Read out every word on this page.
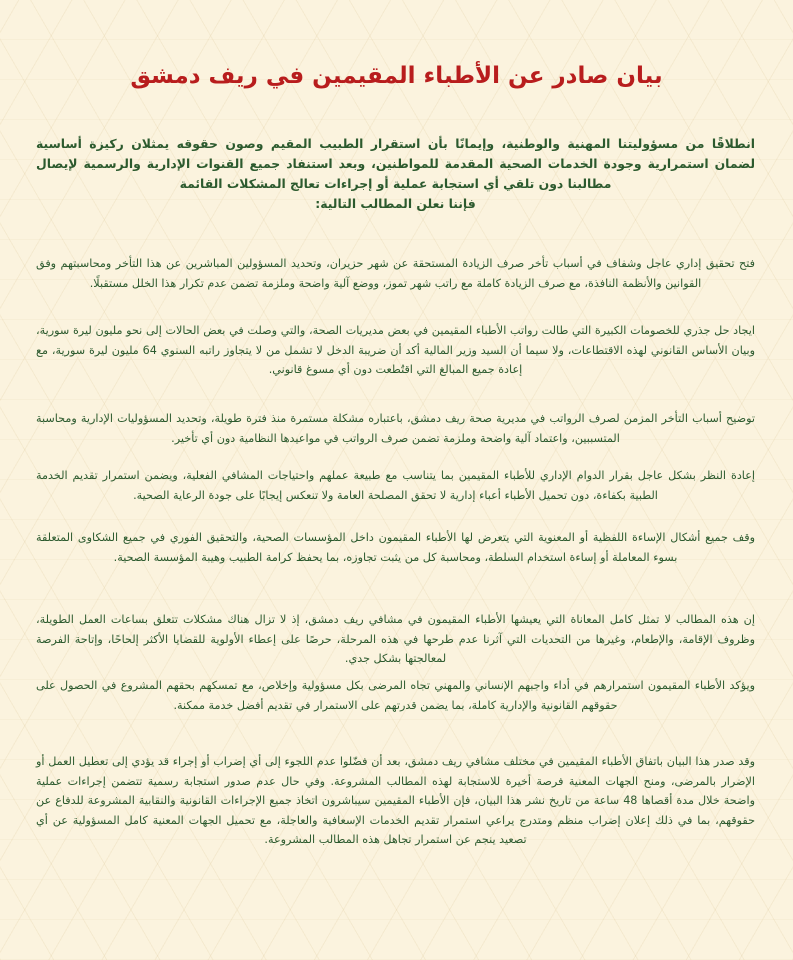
بيان صادر عن الأطباء المقيمين في ريف دمشق
انطلاقًا من مسؤوليتنا المهنية والوطنية، وإيمانًا بأن استقرار الطبيب المقيم وصون حقوقه يمثلان ركيزة أساسية لضمان استمرارية وجودة الخدمات الصحية المقدمة للمواطنين، وبعد استنفاد جميع القنوات الإدارية والرسمية لإيصال مطالبنا دون تلقي أي استجابة عملية أو إجراءات تعالج المشكلات القائمة
فإننا نعلن المطالب التالية:

فتح تحقيق إداري عاجل وشفاف في أسباب تأخر صرف الزيادة المستحقة عن شهر حزيران، وتحديد المسؤولين المباشرين عن هذا التأخر ومحاسبتهم وفق القوانين والأنظمة النافذة، مع صرف الزيادة كاملة مع راتب شهر تموز، ووضع آلية واضحة وملزمة تضمن عدم تكرار هذا الخلل مستقبلًا.

ايجاد حل جذري للخصومات الكبيرة التي طالت رواتب الأطباء المقيمين في بعض مديريات الصحة، والتي وصلت في بعض الحالات إلى نحو مليون ليرة سورية، وبيان الأساس القانوني لهذه الاقتطاعات، ولا سيما أن السيد وزير المالية أكد أن ضريبة الدخل لا تشمل من لا يتجاوز راتبه السنوي 64 مليون ليرة سورية، مع إعادة جميع المبالغ التي اقتُطعت دون أي مسوغ قانوني.

توضيح أسباب التأخر المزمن لصرف الرواتب في مديرية صحة ريف دمشق، باعتباره مشكلة مستمرة منذ فترة طويلة، وتحديد المسؤوليات الإدارية ومحاسبة المتسببين، واعتماد آلية واضحة وملزمة تضمن صرف الرواتب في مواعيدها النظامية دون أي تأخير.

إعادة النظر بشكل عاجل بقرار الدوام الإداري للأطباء المقيمين بما يتناسب مع طبيعة عملهم واحتياجات المشافي الفعلية، ويضمن استمرار تقديم الخدمة الطبية بكفاءة، دون تحميل الأطباء أعباء إدارية لا تحقق المصلحة العامة ولا تنعكس إيجابًا على جودة الرعاية الصحية.

وقف جميع أشكال الإساءة اللفظية أو المعنوية التي يتعرض لها الأطباء المقيمون داخل المؤسسات الصحية، والتحقيق الفوري في جميع الشكاوى المتعلقة بسوء المعاملة أو إساءة استخدام السلطة، ومحاسبة كل من يثبت تجاوزه، بما يحفظ كرامة الطبيب وهيبة المؤسسة الصحية.

إن هذه المطالب لا تمثل كامل المعاناة التي يعيشها الأطباء المقيمون في مشافي ريف دمشق، إذ لا تزال هناك مشكلات تتعلق بساعات العمل الطويلة، وظروف الإقامة، والإطعام، وغيرها من التحديات التي آثرنا عدم طرحها في هذه المرحلة، حرصًا على إعطاء الأولوية للقضايا الأكثر إلحاحًا، وإتاحة الفرصة لمعالجتها بشكل جدي.

ويؤكد الأطباء المقيمون استمرارهم في أداء واجبهم الإنساني والمهني تجاه المرضى بكل مسؤولية وإخلاص، مع تمسكهم بحقهم المشروع في الحصول على حقوقهم القانونية والإدارية كاملة، بما يضمن قدرتهم على الاستمرار في تقديم أفضل خدمة ممكنة.

وقد صدر هذا البيان باتفاق الأطباء المقيمين في مختلف مشافي ريف دمشق، بعد أن فضّلوا عدم اللجوء إلى أي إضراب أو إجراء قد يؤدي إلى تعطيل العمل أو الإضرار بالمرضى، ومنح الجهات المعنية فرصة أخيرة للاستجابة لهذه المطالب المشروعة. وفي حال عدم صدور استجابة رسمية تتضمن إجراءات عملية واضحة خلال مدة أقصاها 48 ساعة من تاريخ نشر هذا البيان، فإن الأطباء المقيمين سيباشرون اتخاذ جميع الإجراءات القانونية والنقابية المشروعة للدفاع عن حقوقهم، بما في ذلك إعلان إضراب منظم ومتدرج يراعي استمرار تقديم الخدمات الإسعافية والعاجلة، مع تحميل الجهات المعنية كامل المسؤولية عن أي تصعيد ينجم عن استمرار تجاهل هذه المطالب المشروعة.
